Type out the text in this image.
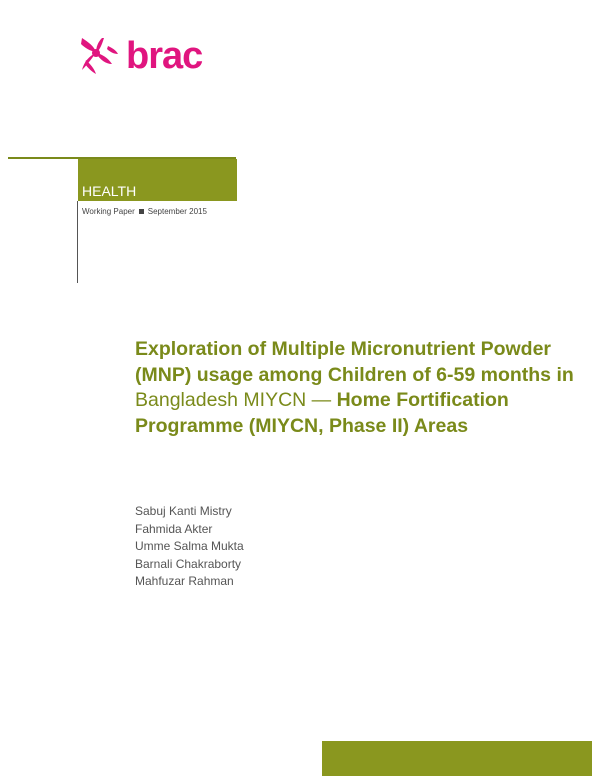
brac
HEALTH
Working Paper September 2015
Exploration of Multiple Micronutrient Powder (MNP) usage among Children of 6-59 months in Bangladesh MIYCN — Home Fortification Programme (MIYCN, Phase II) Areas
Sabuj Kanti Mistry
Fahmida Akter
Umme Salma Mukta
Barnali Chakraborty
Mahfuzar Rahman
